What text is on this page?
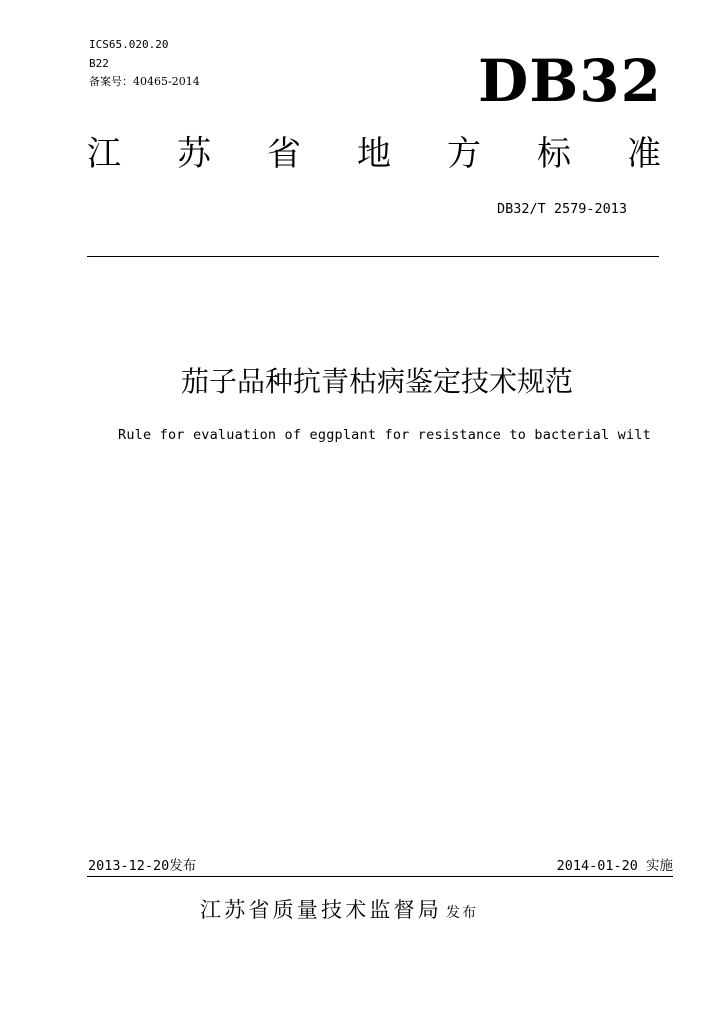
ICS65.020.20
B22
备案号：40465-2014	DB32
江 苏 省 地 方 标 准
DB32/T 2579-2013
茄子品种抗青枯病鉴定技术规范
Rule for evaluation of eggplant for resistance to bacterial wilt
2013-12-20发布	2014-01-20 实施
江苏省质量技术监督局 发布
